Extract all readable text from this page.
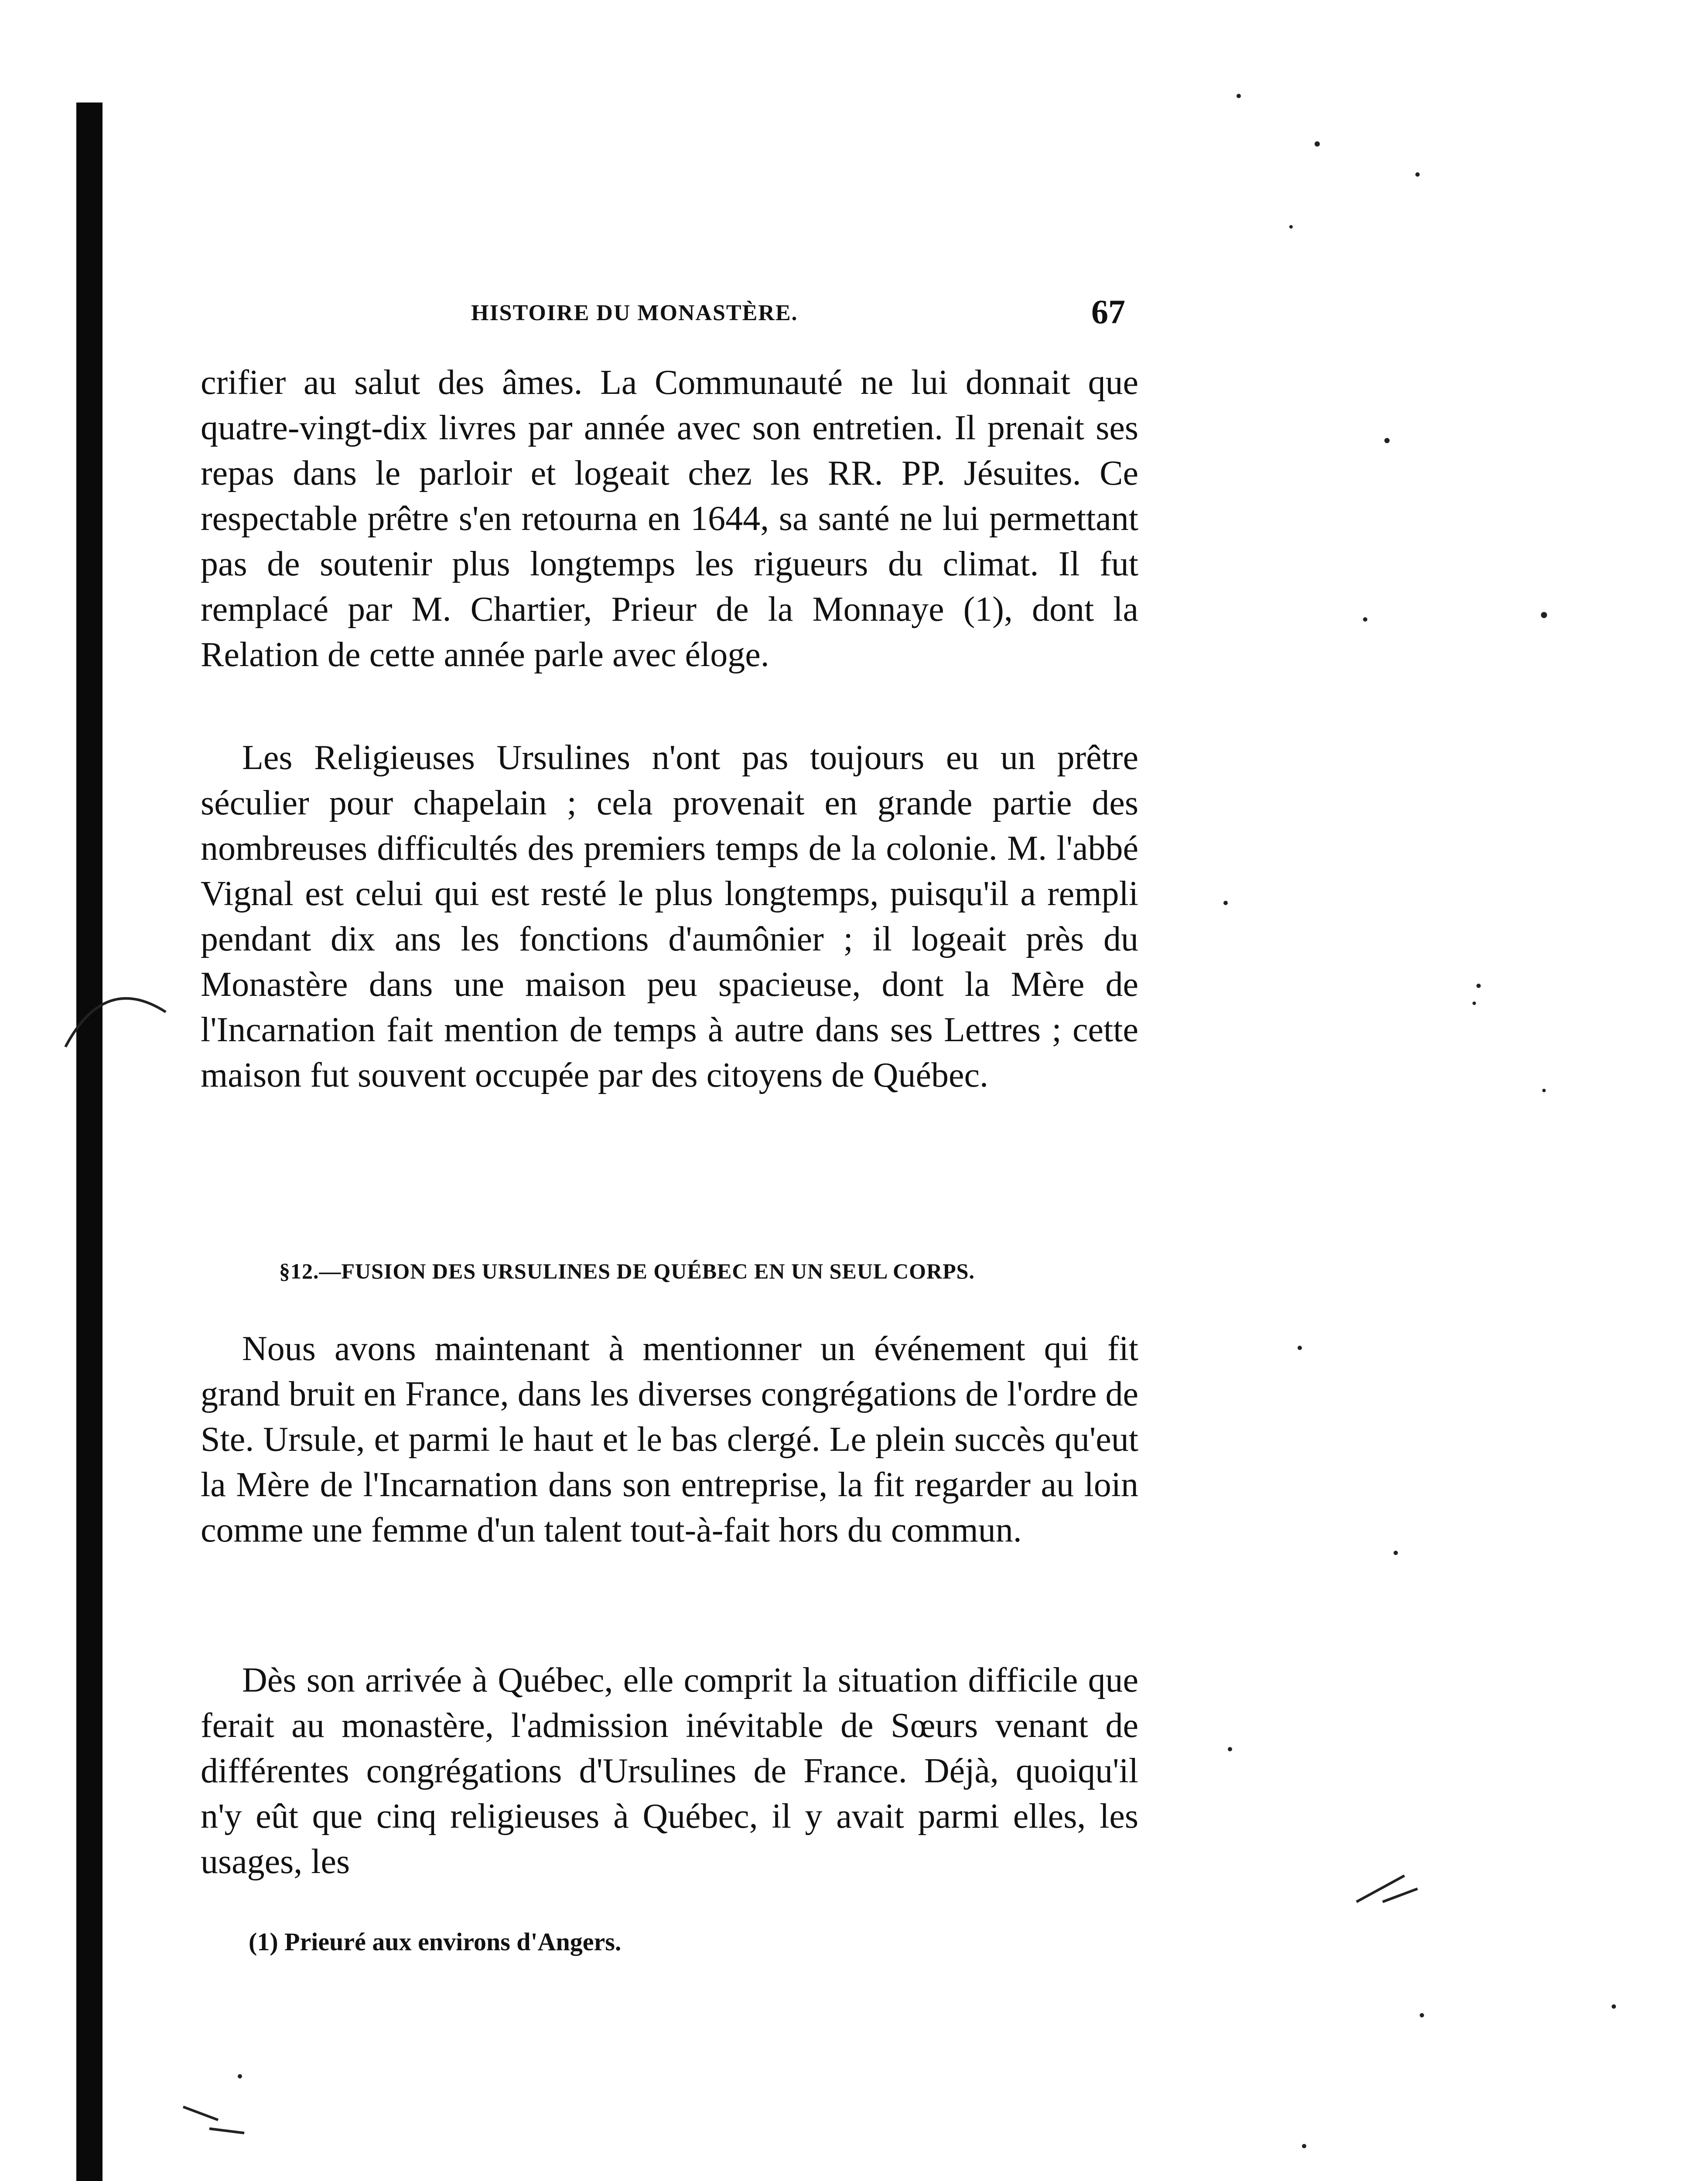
HISTOIRE DU MONASTÈRE.	67

crifier au salut des âmes. La Communauté ne lui donnait que quatre-vingt-dix livres par année avec son entretien. Il prenait ses repas dans le parloir et logeait chez les RR. PP. Jésuites. Ce respectable prêtre s'en retourna en 1644, sa santé ne lui permettant pas de soutenir plus longtemps les rigueurs du climat. Il fut remplacé par M. Chartier, Prieur de la Monnaye (1), dont la Relation de cette année parle avec éloge.

Les Religieuses Ursulines n'ont pas toujours eu un prêtre séculier pour chapelain ; cela provenait en grande partie des nombreuses difficultés des premiers temps de la colonie. M. l'abbé Vignal est celui qui est resté le plus longtemps, puisqu'il a rempli pendant dix ans les fonctions d'aumônier ; il logeait près du Monastère dans une maison peu spacieuse, dont la Mère de l'Incarnation fait mention de temps à autre dans ses Lettres ; cette maison fut souvent occupée par des citoyens de Québec.

§12.—FUSION DES URSULINES DE QUÉBEC EN UN SEUL CORPS.

Nous avons maintenant à mentionner un événement qui fit grand bruit en France, dans les diverses congrégations de l'ordre de Ste. Ursule, et parmi le haut et le bas clergé. Le plein succès qu'eut la Mère de l'Incarnation dans son entreprise, la fit regarder au loin comme une femme d'un talent tout-à-fait hors du commun.

Dès son arrivée à Québec, elle comprit la situation difficile que ferait au monastère, l'admission inévitable de Sœurs venant de différentes congrégations d'Ursulines de France. Déjà, quoiqu'il n'y eût que cinq religieuses à Québec, il y avait parmi elles, les usages, les

(1) Prieuré aux environs d'Angers.
